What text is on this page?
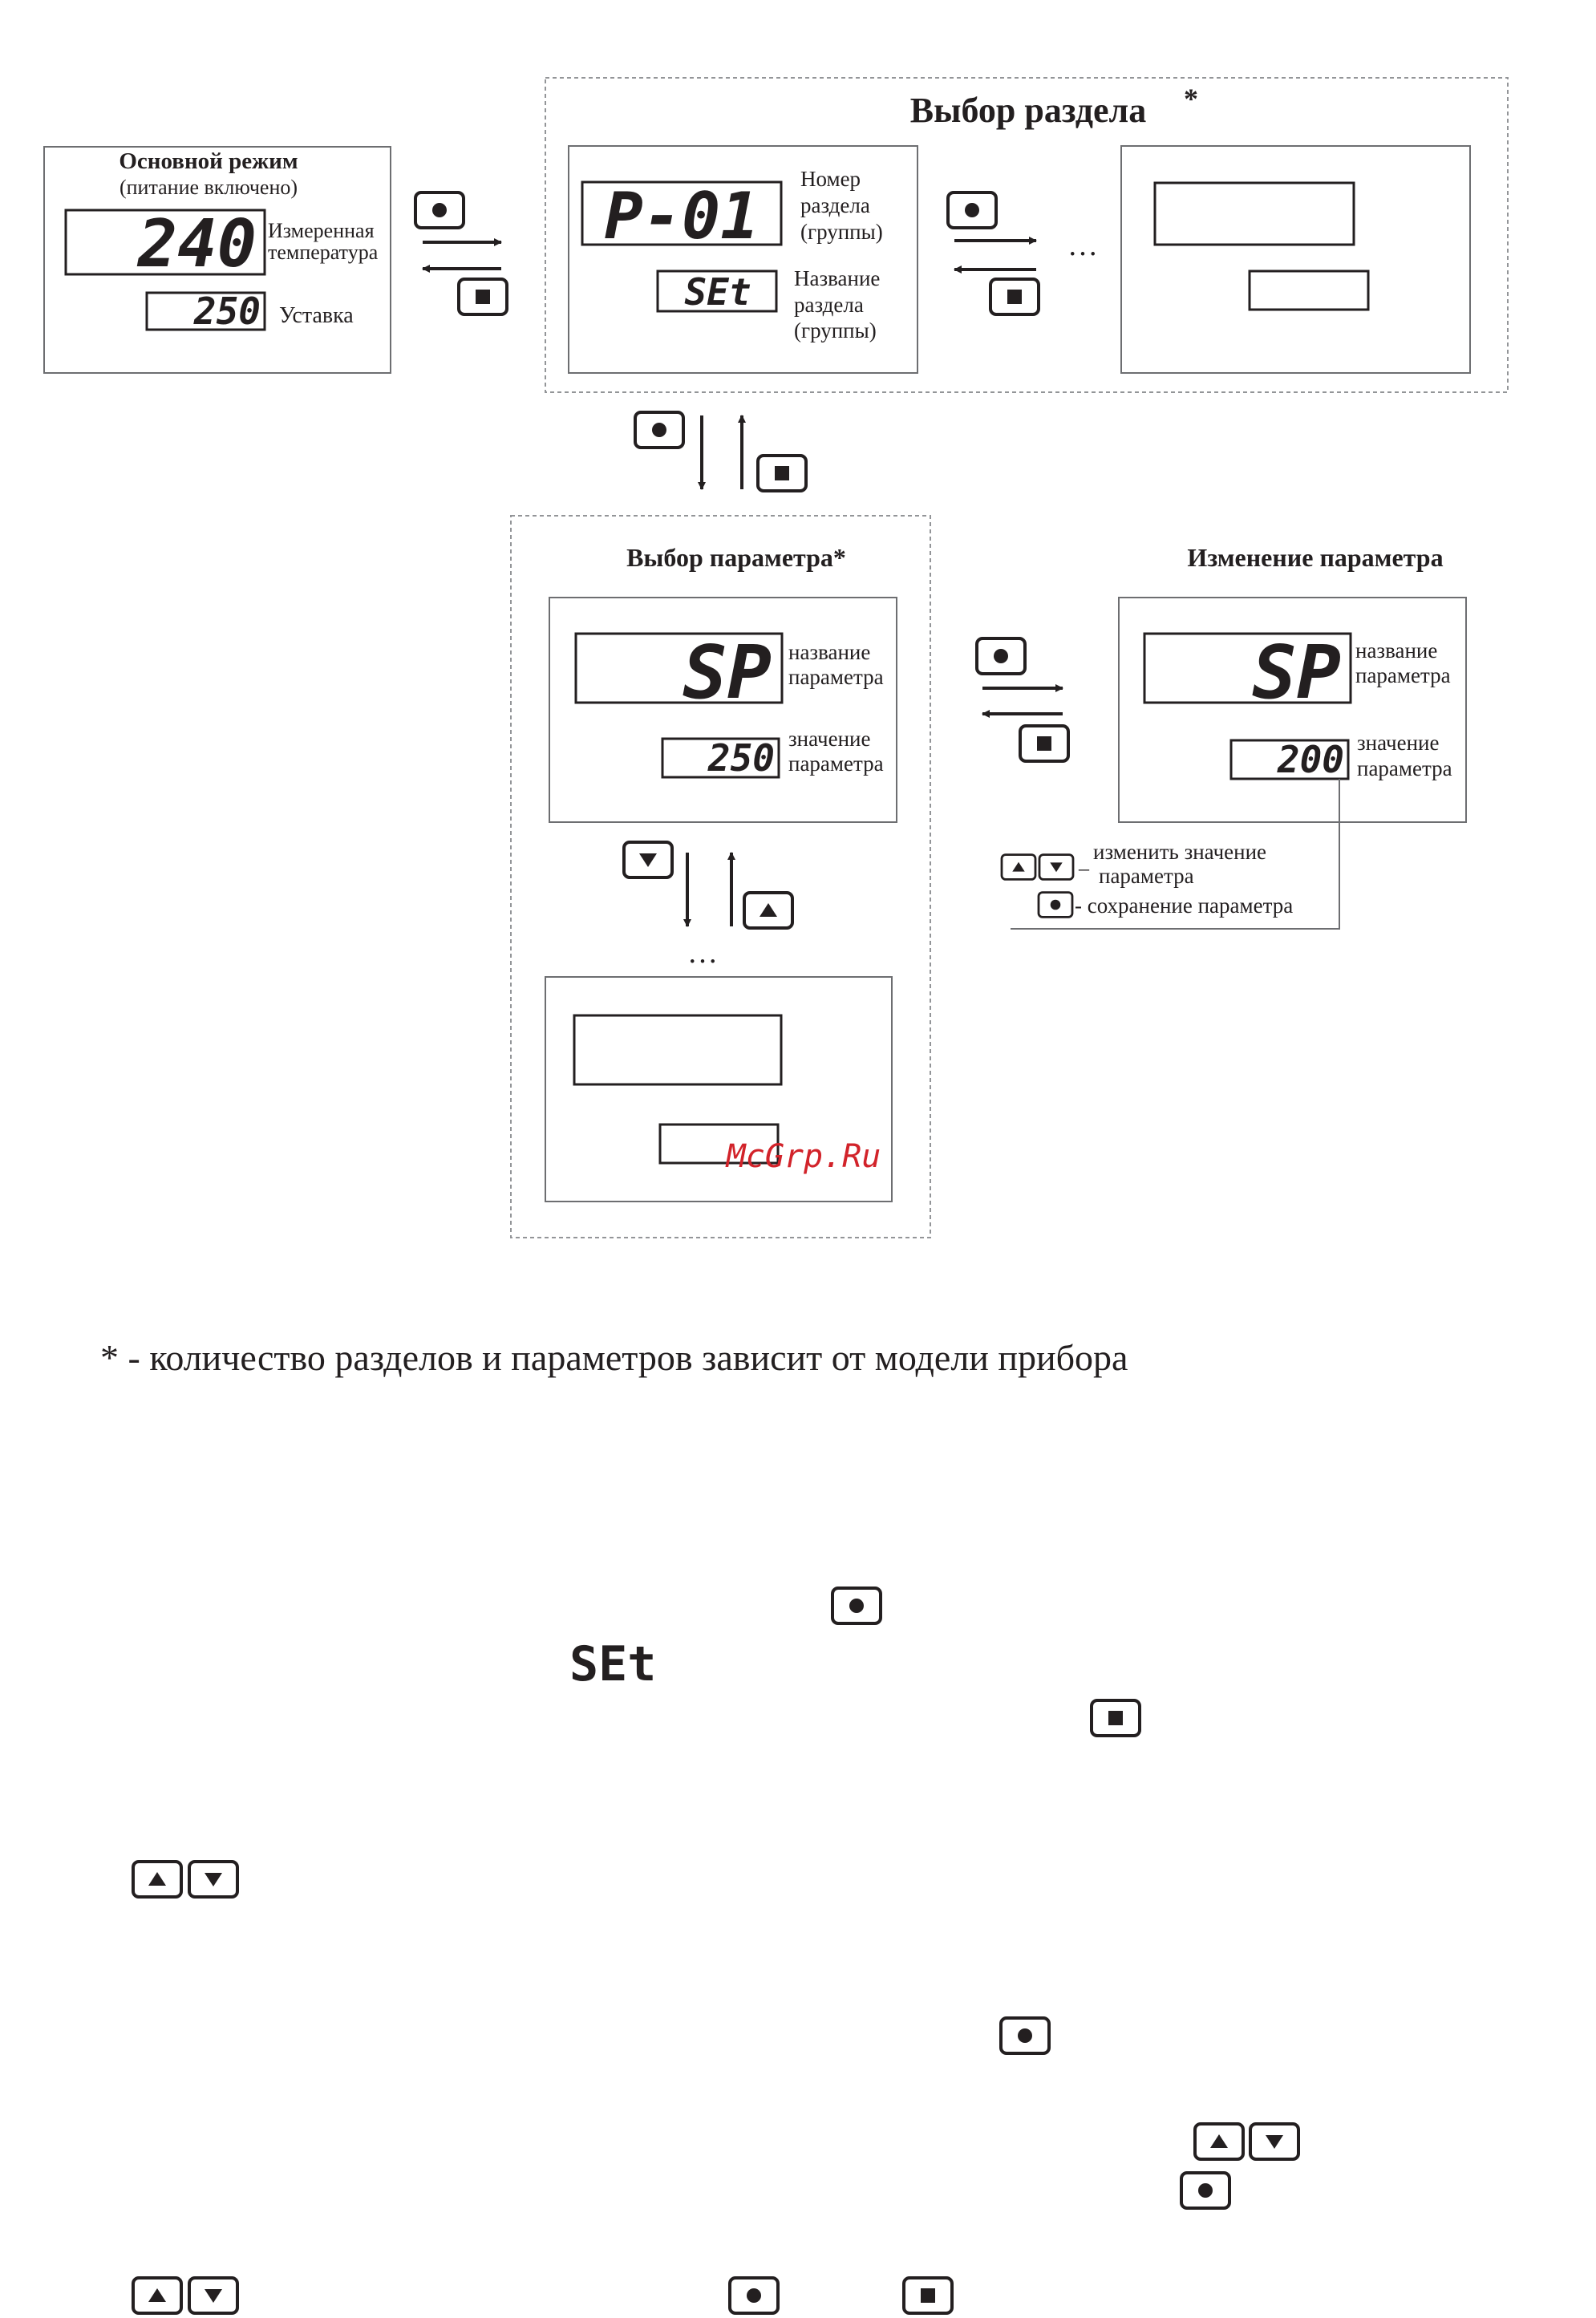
Основной режим
(питание включено)
240 Измеренная
температура
250 Уставка
Выбор раздела *
P-01 Номер
раздела
(группы)
SEt Название
раздела
(группы)
…
Выбор параметра*
SP название
параметра
250 значение
параметра
…
McGrp.Ru
Изменение параметра
SP название
параметра
200 значение
параметра
–
изменить значение
параметра
- сохранение параметра
* - количество разделов и параметров зависит от модели прибора
SEt
